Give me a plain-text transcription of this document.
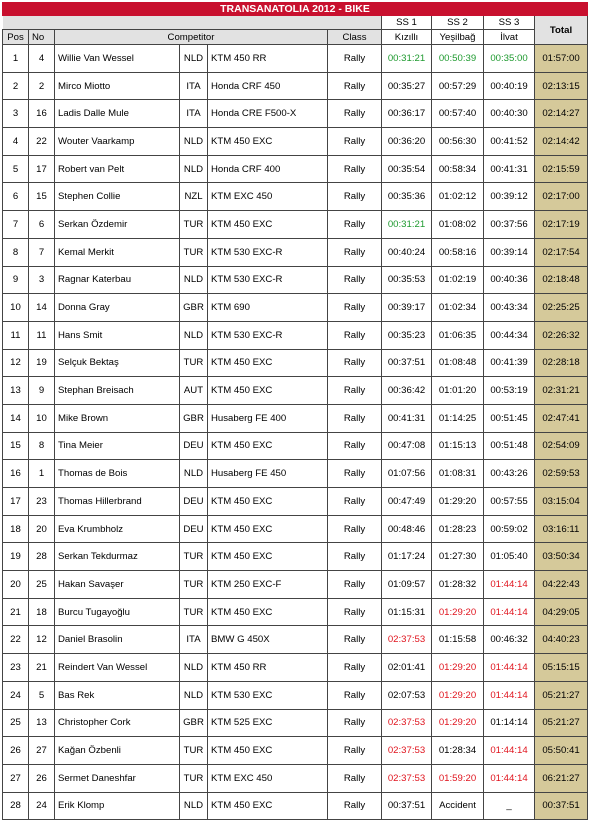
TRANSANATOLIA 2012 - BIKE									
						SS 1	SS 2	SS 3	Total
Pos	No	Competitor			Class	Kızıllı	Yeşilbağ	İlvat	
1	4	Willie Van Wessel	NLD	KTM 450 RR	Rally	00:31:21	00:50:39	00:35:00	01:57:00
2	2	Mirco Miotto	ITA	Honda CRF 450	Rally	00:35:27	00:57:29	00:40:19	02:13:15
3	16	Ladis Dalle Mule	ITA	Honda CRE F500-X	Rally	00:36:17	00:57:40	00:40:30	02:14:27
4	22	Wouter Vaarkamp	NLD	KTM 450 EXC	Rally	00:36:20	00:56:30	00:41:52	02:14:42
5	17	Robert van Pelt	NLD	Honda CRF 400	Rally	00:35:54	00:58:34	00:41:31	02:15:59
6	15	Stephen Collie	NZL	KTM EXC 450	Rally	00:35:36	01:02:12	00:39:12	02:17:00
7	6	Serkan Özdemir	TUR	KTM 450 EXC	Rally	00:31:21	01:08:02	00:37:56	02:17:19
8	7	Kemal Merkit	TUR	KTM 530 EXC-R	Rally	00:40:24	00:58:16	00:39:14	02:17:54
9	3	Ragnar Katerbau	NLD	KTM 530 EXC-R	Rally	00:35:53	01:02:19	00:40:36	02:18:48
10	14	Donna Gray	GBR	KTM 690	Rally	00:39:17	01:02:34	00:43:34	02:25:25
11	11	Hans Smit	NLD	KTM 530 EXC-R	Rally	00:35:23	01:06:35	00:44:34	02:26:32
12	19	Selçuk Bektaş	TUR	KTM 450 EXC	Rally	00:37:51	01:08:48	00:41:39	02:28:18
13	9	Stephan Breisach	AUT	KTM 450 EXC	Rally	00:36:42	01:01:20	00:53:19	02:31:21
14	10	Mike Brown	GBR	Husaberg FE 400	Rally	00:41:31	01:14:25	00:51:45	02:47:41
15	8	Tina Meier	DEU	KTM 450 EXC	Rally	00:47:08	01:15:13	00:51:48	02:54:09
16	1	Thomas de Bois	NLD	Husaberg FE 450	Rally	01:07:56	01:08:31	00:43:26	02:59:53
17	23	Thomas Hillerbrand	DEU	KTM 450 EXC	Rally	00:47:49	01:29:20	00:57:55	03:15:04
18	20	Eva Krumbholz	DEU	KTM 450 EXC	Rally	00:48:46	01:28:23	00:59:02	03:16:11
19	28	Serkan Tekdurmaz	TUR	KTM 450 EXC	Rally	01:17:24	01:27:30	01:05:40	03:50:34
20	25	Hakan Savaşer	TUR	KTM 250 EXC-F	Rally	01:09:57	01:28:32	01:44:14	04:22:43
21	18	Burcu Tugayoğlu	TUR	KTM 450 EXC	Rally	01:15:31	01:29:20	01:44:14	04:29:05
22	12	Daniel Brasolin	ITA	BMW G 450X	Rally	02:37:53	01:15:58	00:46:32	04:40:23
23	21	Reindert Van Wessel	NLD	KTM 450 RR	Rally	02:01:41	01:29:20	01:44:14	05:15:15
24	5	Bas Rek	NLD	KTM 530 EXC	Rally	02:07:53	01:29:20	01:44:14	05:21:27
25	13	Christopher Cork	GBR	KTM 525 EXC	Rally	02:37:53	01:29:20	01:14:14	05:21:27
26	27	Kağan Özbenli	TUR	KTM 450 EXC	Rally	02:37:53	01:28:34	01:44:14	05:50:41
27	26	Sermet Daneshfar	TUR	KTM EXC 450	Rally	02:37:53	01:59:20	01:44:14	06:21:27
28	24	Erik Klomp	NLD	KTM 450 EXC	Rally	00:37:51	Accident	_	00:37:51
